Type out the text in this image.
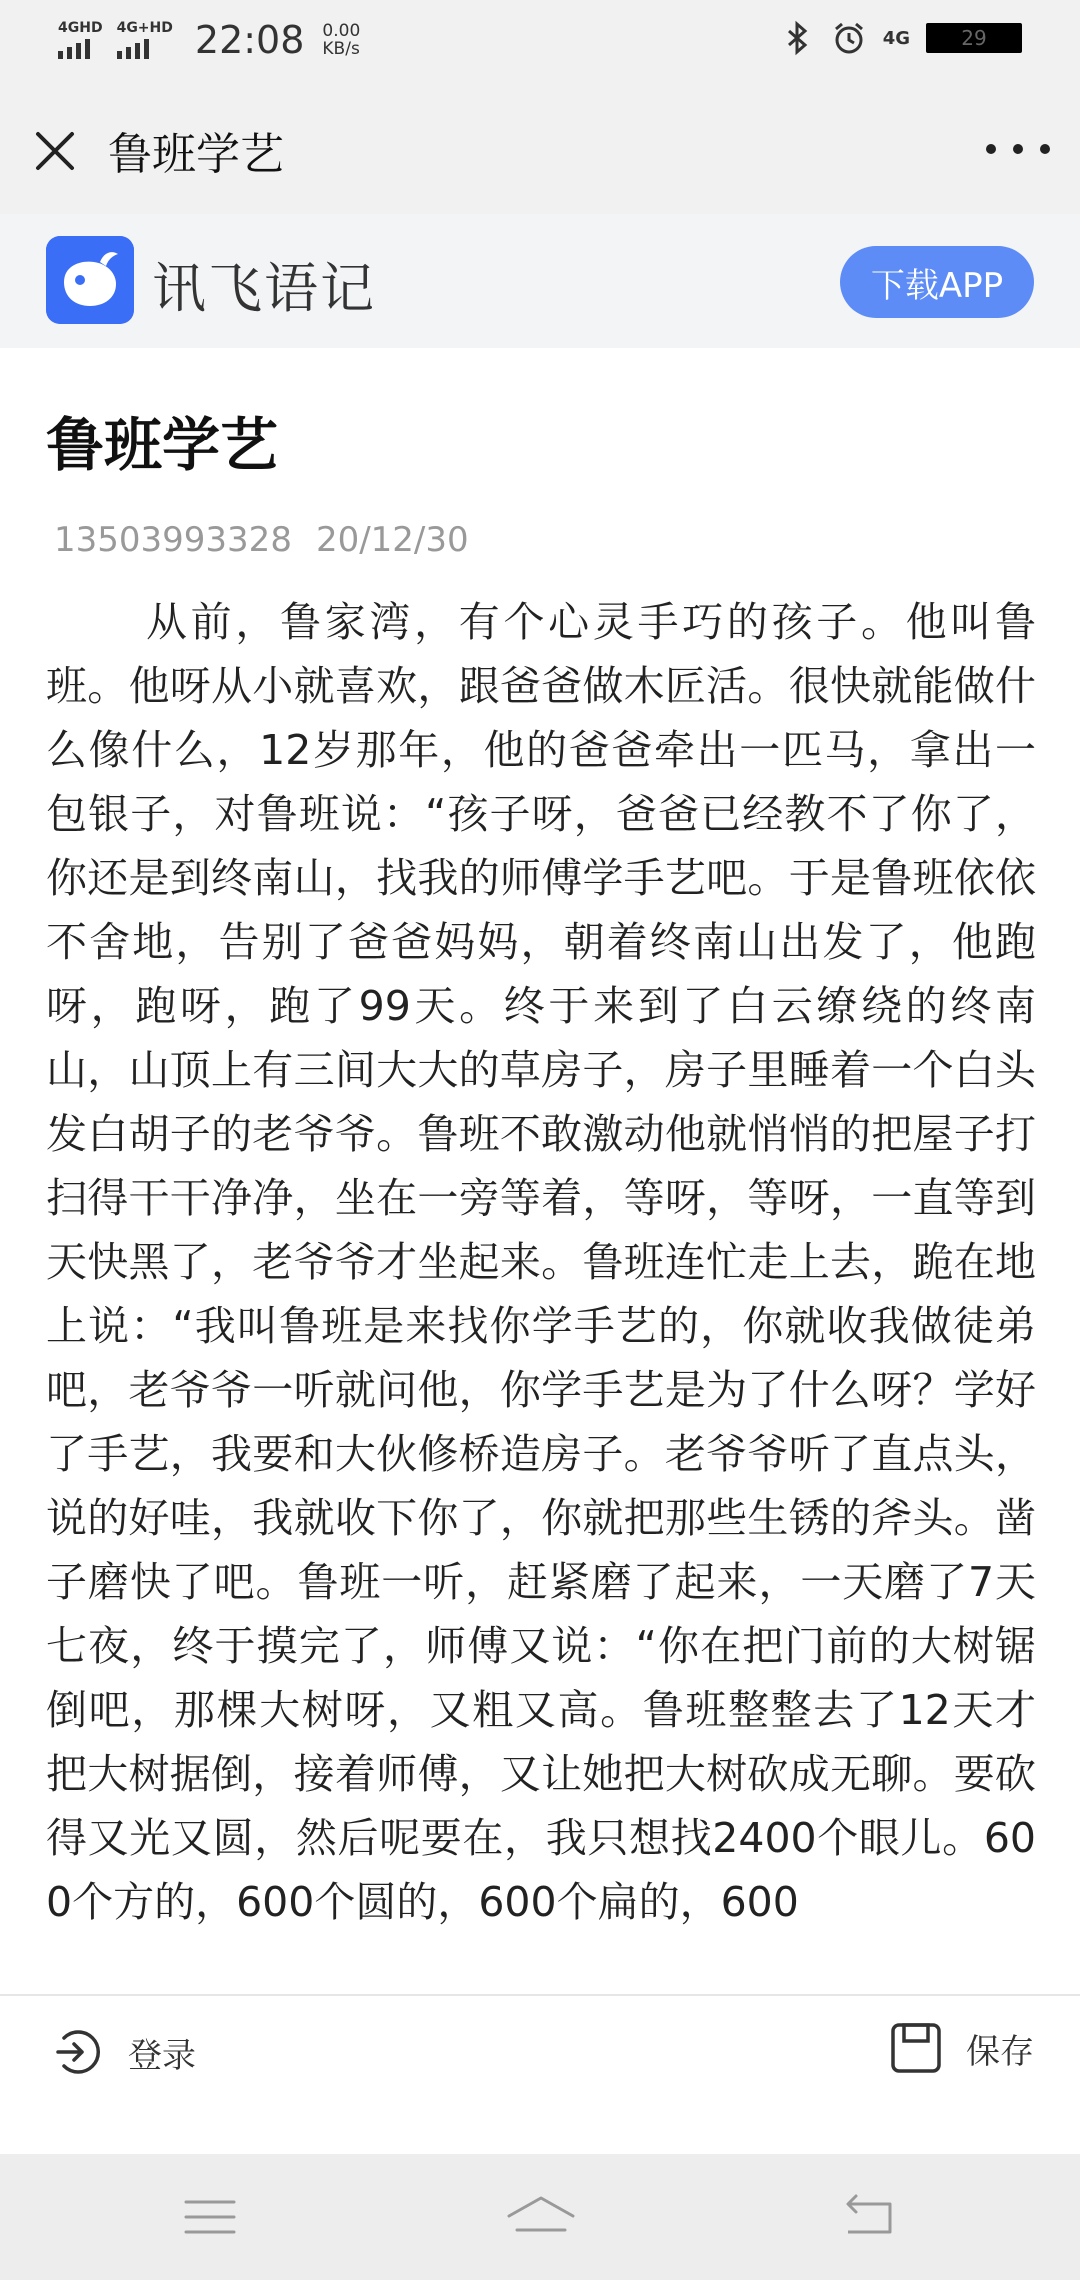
4GHD 4G+HD 22:08 0.00
KB/s
4G	29
鲁班学艺
讯飞语记	下载APP
鲁班学艺
13503993328 20/12/30
从前，鲁家湾，有个心灵手巧的孩子。他叫鲁班。他呀从小就喜欢，跟爸爸做木匠活。很快就能做什么像什么，12岁那年，他的爸爸牵出一匹马，拿出一包银子，对鲁班说：“孩子呀，爸爸已经教不了你了，你还是到终南山，找我的师傅学手艺吧。于是鲁班依依不舍地，告别了爸爸妈妈，朝着终南山出发了，他跑呀，跑呀，跑了99天。终于来到了白云缭绕的终南山，山顶上有三间大大的草房子，房子里睡着一个白头发白胡子的老爷爷。鲁班不敢激动他就悄悄的把屋子打扫得干干净净，坐在一旁等着，等呀，等呀，一直等到天快黑了，老爷爷才坐起来。鲁班连忙走上去，跪在地上说：“我叫鲁班是来找你学手艺的，你就收我做徒弟吧，老爷爷一听就问他，你学手艺是为了什么呀？学好了手艺，我要和大伙修桥造房子。老爷爷听了直点头，说的好哇，我就收下你了，你就把那些生锈的斧头。凿子磨快了吧。鲁班一听，赶紧磨了起来，一天磨了7天七夜，终于摸完了，师傅又说：“你在把门前的大树锯倒吧，那棵大树呀，又粗又高。鲁班整整去了12天才把大树据倒，接着师傅，又让她把大树砍成无聊。要砍得又光又圆，然后呢要在，我只想找2400个眼儿。600个方的，600个圆的，600个扁的，600
登录	保存
